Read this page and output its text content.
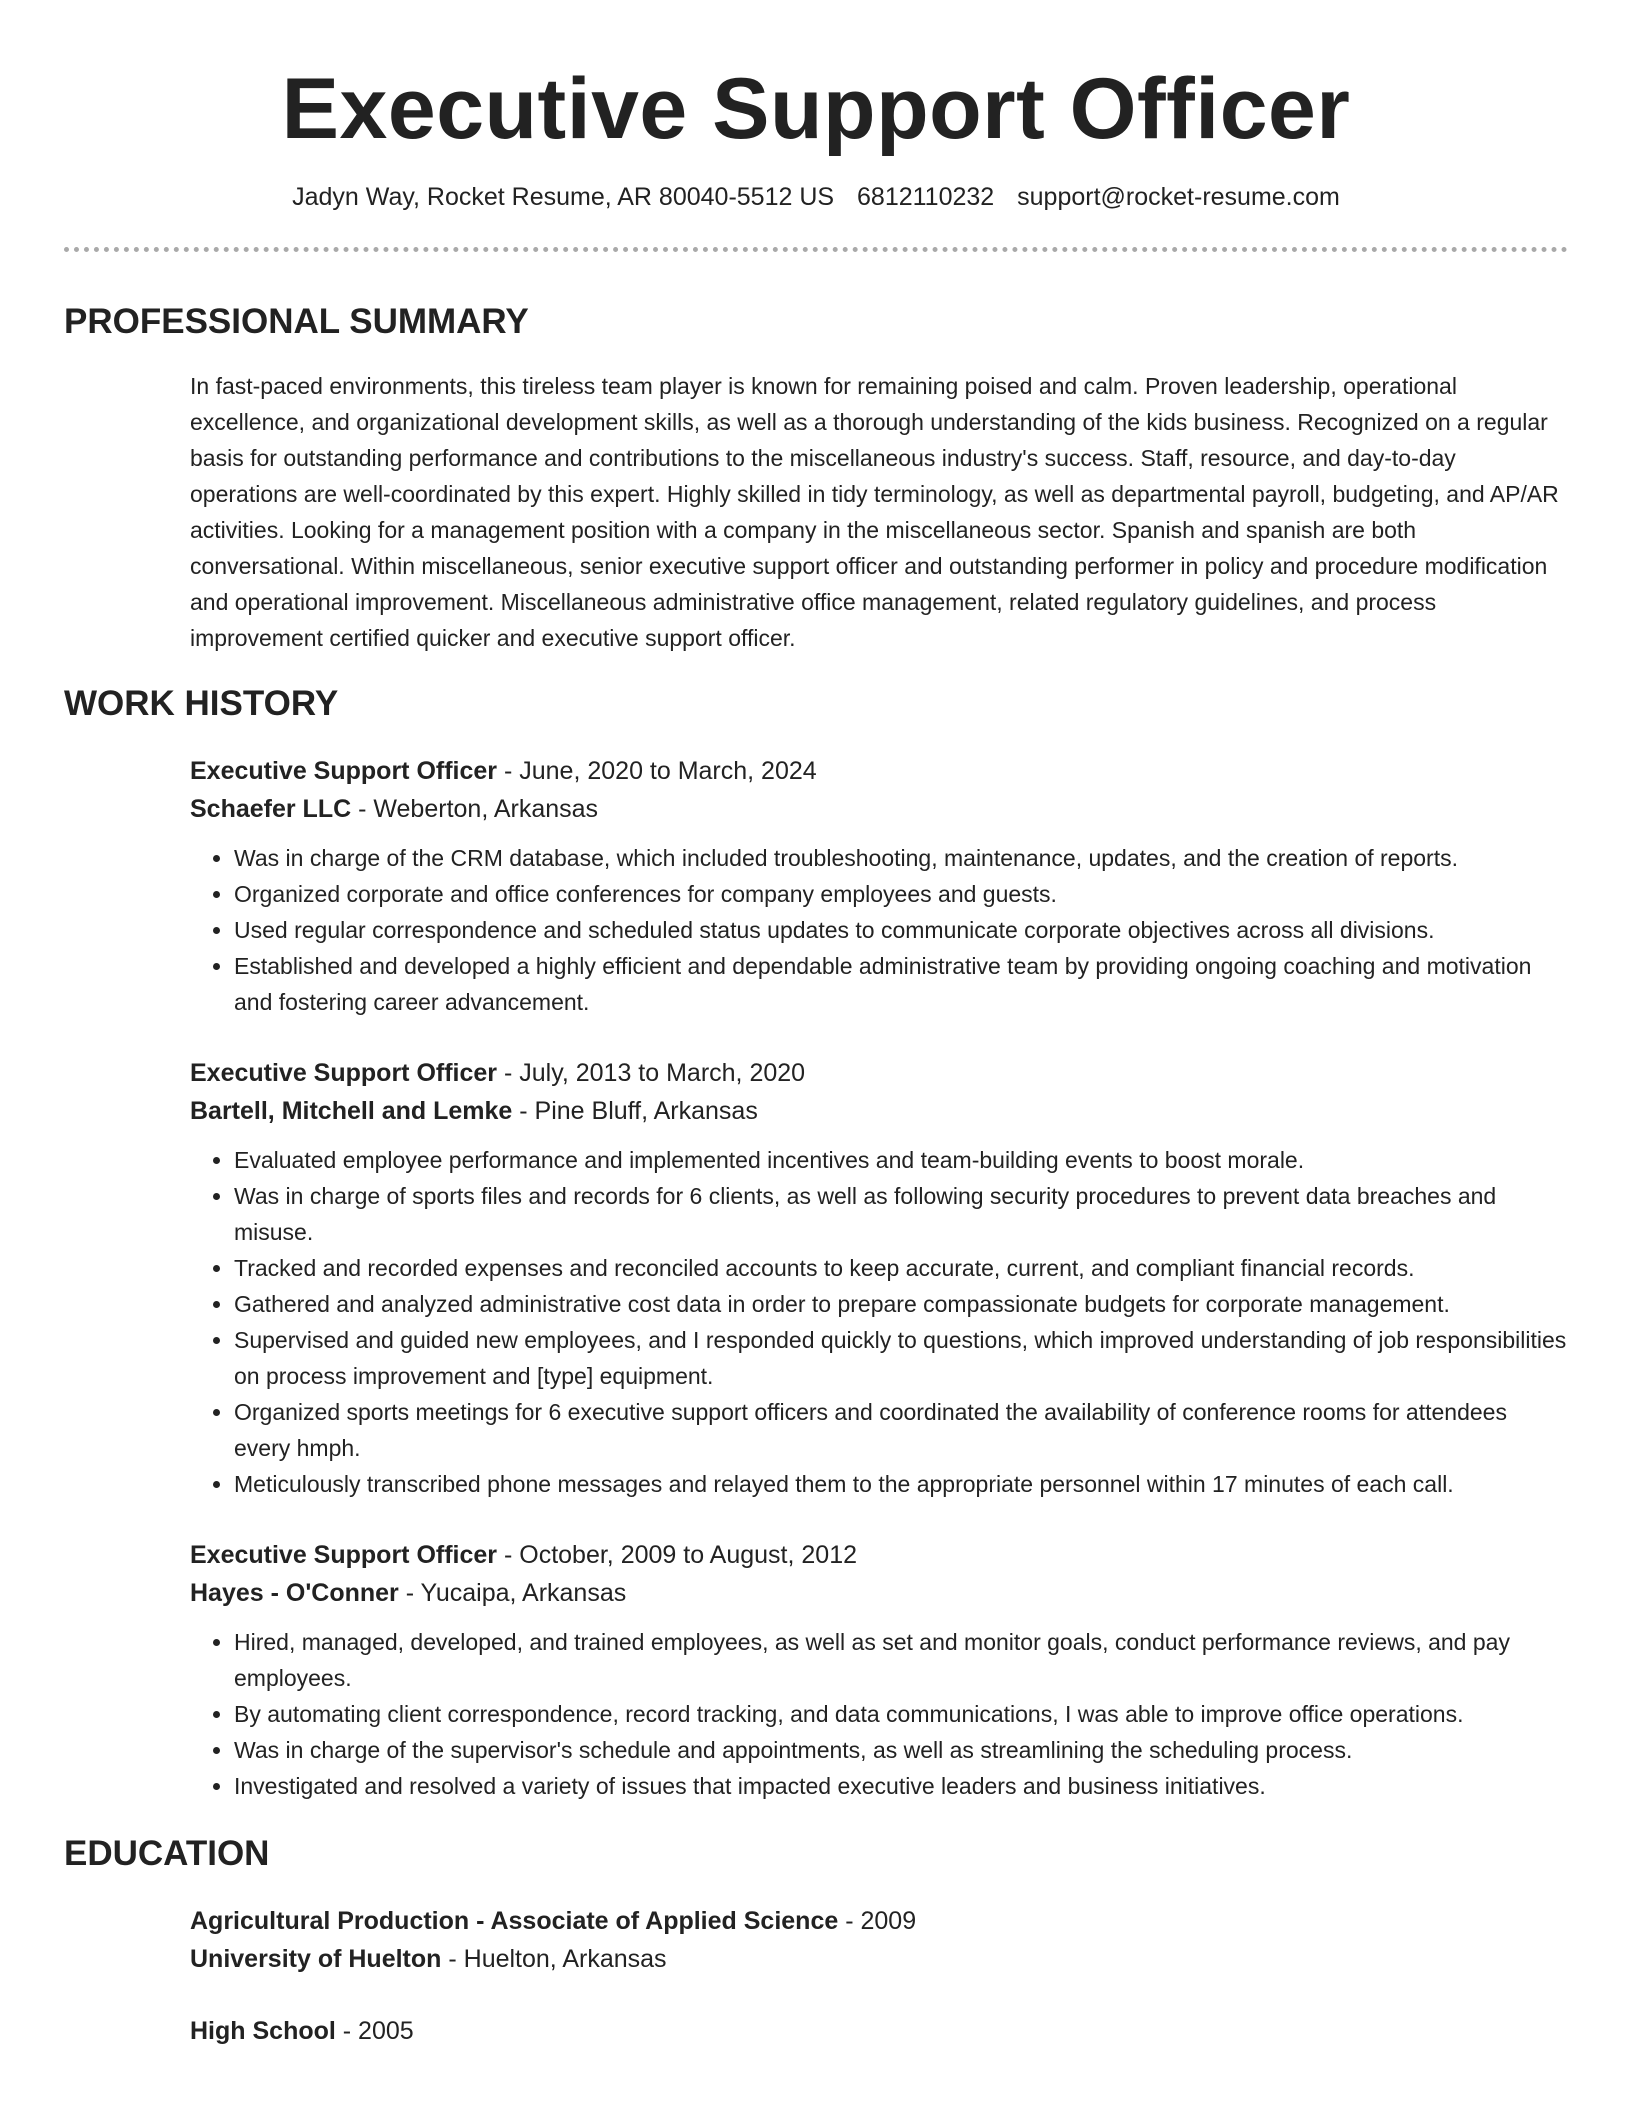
Executive Support Officer
Jadyn Way, Rocket Resume, AR 80040-5512 US 6812110232 support@rocket-resume.com
PROFESSIONAL SUMMARY

In fast-paced environments, this tireless team player is known for remaining poised and calm. Proven leadership, operational excellence, and organizational development skills, as well as a thorough understanding of the kids business. Recognized on a regular basis for outstanding performance and contributions to the miscellaneous industry's success. Staff, resource, and day-to-day operations are well-coordinated by this expert. Highly skilled in tidy terminology, as well as departmental payroll, budgeting, and AP/AR activities. Looking for a management position with a company in the miscellaneous sector. Spanish and spanish are both conversational. Within miscellaneous, senior executive support officer and outstanding performer in policy and procedure modification and operational improvement. Miscellaneous administrative office management, related regulatory guidelines, and process improvement certified quicker and executive support officer.

WORK HISTORY
Executive Support Officer - June, 2020 to March, 2024
Schaefer LLC - Weberton, Arkansas
• Was in charge of the CRM database, which included troubleshooting, maintenance, updates, and the creation of reports.
• Organized corporate and office conferences for company employees and guests.
• Used regular correspondence and scheduled status updates to communicate corporate objectives across all divisions.
• Established and developed a highly efficient and dependable administrative team by providing ongoing coaching and motivation and fostering career advancement.
Executive Support Officer - July, 2013 to March, 2020
Bartell, Mitchell and Lemke - Pine Bluff, Arkansas
• Evaluated employee performance and implemented incentives and team-building events to boost morale.
• Was in charge of sports files and records for 6 clients, as well as following security procedures to prevent data breaches and misuse.
• Tracked and recorded expenses and reconciled accounts to keep accurate, current, and compliant financial records.
• Gathered and analyzed administrative cost data in order to prepare compassionate budgets for corporate management.
• Supervised and guided new employees, and I responded quickly to questions, which improved understanding of job responsibilities on process improvement and [type] equipment.
• Organized sports meetings for 6 executive support officers and coordinated the availability of conference rooms for attendees every hmph.
• Meticulously transcribed phone messages and relayed them to the appropriate personnel within 17 minutes of each call.
Executive Support Officer - October, 2009 to August, 2012
Hayes - O'Conner - Yucaipa, Arkansas
• Hired, managed, developed, and trained employees, as well as set and monitor goals, conduct performance reviews, and pay employees.
• By automating client correspondence, record tracking, and data communications, I was able to improve office operations.
• Was in charge of the supervisor's schedule and appointments, as well as streamlining the scheduling process.
• Investigated and resolved a variety of issues that impacted executive leaders and business initiatives.
EDUCATION
Agricultural Production - Associate of Applied Science - 2009
University of Huelton - Huelton, Arkansas
High School - 2005
